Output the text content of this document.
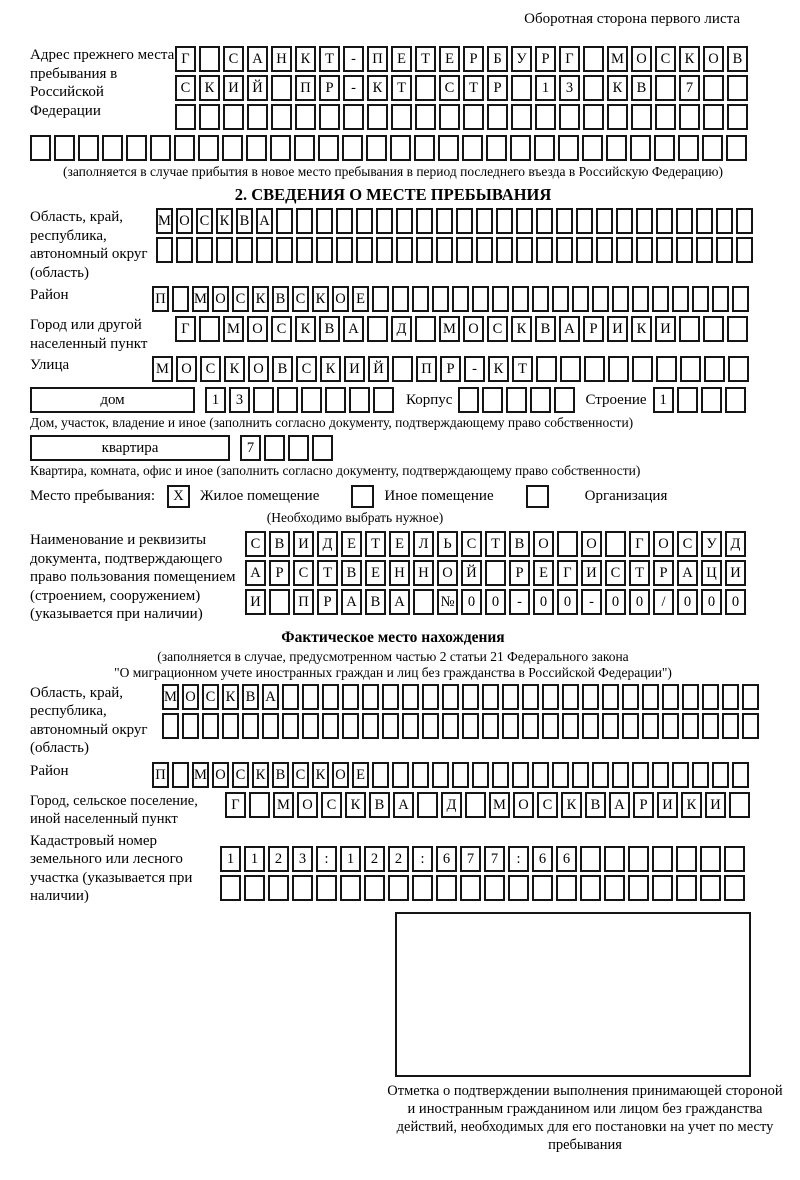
Оборотная сторона первого листа
Адрес прежнего места пребывания в Российской Федерации
Г	С А Н К	Т	-	П Е	Т	Е	Р	Б	У	Р	Г	М О С К О В
С К И Й	П	Р	-	К	Т	С	Т	Р	1	3	К В	7
(заполняется в случае прибытия в новое место пребывания в период последнего въезда в Российскую Федерацию)
2. СВЕДЕНИЯ О МЕСТЕ ПРЕБЫВАНИЯ
Область, край, республика, автономный округ (область)
М О С К В А
Район	П М О С К В С К О Е
Город или другой населенный пункт
Г	М О С К В А	Д	М О С К В А	Р	И К И
Улица	М О С К О В С К И Й	П	Р	-	К	Т
дом	1	3	Корпус	Строение 1
Дом, участок, владение и иное (заполнить согласно документу, подтверждающему право собственности)
квартира	7
Квартира, комната, офис и иное (заполнить согласно документу, подтверждающему право собственности)
Место пребывания:	X	Жилое помещение	Иное помещение	Организация
(Необходимо выбрать нужное)
Наименование и реквизиты документа, подтверждающего право пользования помещением (строением, сооружением) (указывается при наличии)
С В И Д	Е	Т	Е	Л	Ь	С	Т	В О	О	Г	О С У Д
А	Р	С	Т	В	Е Н Н О Й	Р	Е	Г	И С	Т	Р	А Ц И
И	П	Р	А В А	№ 0	0	-	0	0	-	0	0	/	0	0	0
Фактическое место нахождения
(заполняется в случае, предусмотренном частью 2 статьи 21 Федерального закона
"О миграционном учете иностранных граждан и лиц без гражданства в Российской Федерации")
Область, край, республика, автономный округ (область)
М О С К В А
Район	П М О С К В С К О Е
Город, сельское поселение, иной населенный пункт
Г	М О С К В А	Д	М О С К В А	Р	И К И
Кадастровый номер земельного или лесного участка (указывается при наличии)
1	1	2	3	:	1	2	2	:	6	7	7	:	6	6
Отметка о подтверждении выполнения принимающей стороной и иностранным гражданином или лицом без гражданства действий, необходимых для его постановки на учет по месту пребывания
